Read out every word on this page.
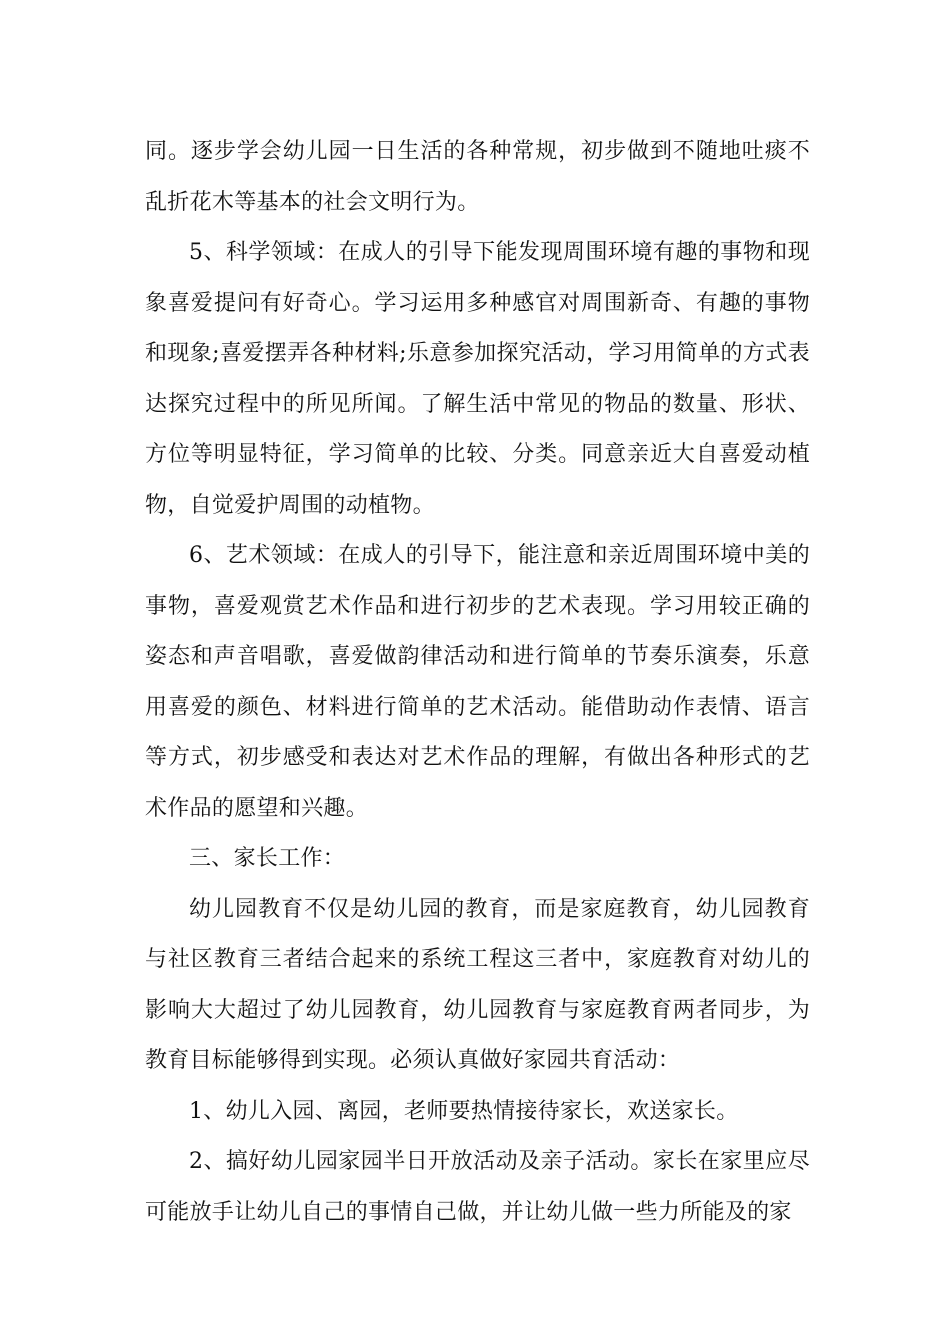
同。逐步学会幼儿园一日生活的各种常规，初步做到不随地吐痰不乱折花木等基本的社会文明行为。

5、科学领域：在成人的引导下能发现周围环境有趣的事物和现象喜爱提问有好奇心。学习运用多种感官对周围新奇、有趣的事物和现象;喜爱摆弄各种材料;乐意参加探究活动，学习用简单的方式表达探究过程中的所见所闻。了解生活中常见的物品的数量、形状、方位等明显特征，学习简单的比较、分类。同意亲近大自喜爱动植物，自觉爱护周围的动植物。

6、艺术领域：在成人的引导下，能注意和亲近周围环境中美的事物，喜爱观赏艺术作品和进行初步的艺术表现。学习用较正确的姿态和声音唱歌，喜爱做韵律活动和进行简单的节奏乐演奏，乐意用喜爱的颜色、材料进行简单的艺术活动。能借助动作表情、语言等方式，初步感受和表达对艺术作品的理解，有做出各种形式的艺术作品的愿望和兴趣。

三、家长工作：

幼儿园教育不仅是幼儿园的教育，而是家庭教育，幼儿园教育与社区教育三者结合起来的系统工程这三者中，家庭教育对幼儿的影响大大超过了幼儿园教育，幼儿园教育与家庭教育两者同步，为教育目标能够得到实现。必须认真做好家园共育活动：

1、幼儿入园、离园，老师要热情接待家长，欢送家长。

2、搞好幼儿园家园半日开放活动及亲子活动。家长在家里应尽可能放手让幼儿自己的事情自己做，并让幼儿做一些力所能及的家
